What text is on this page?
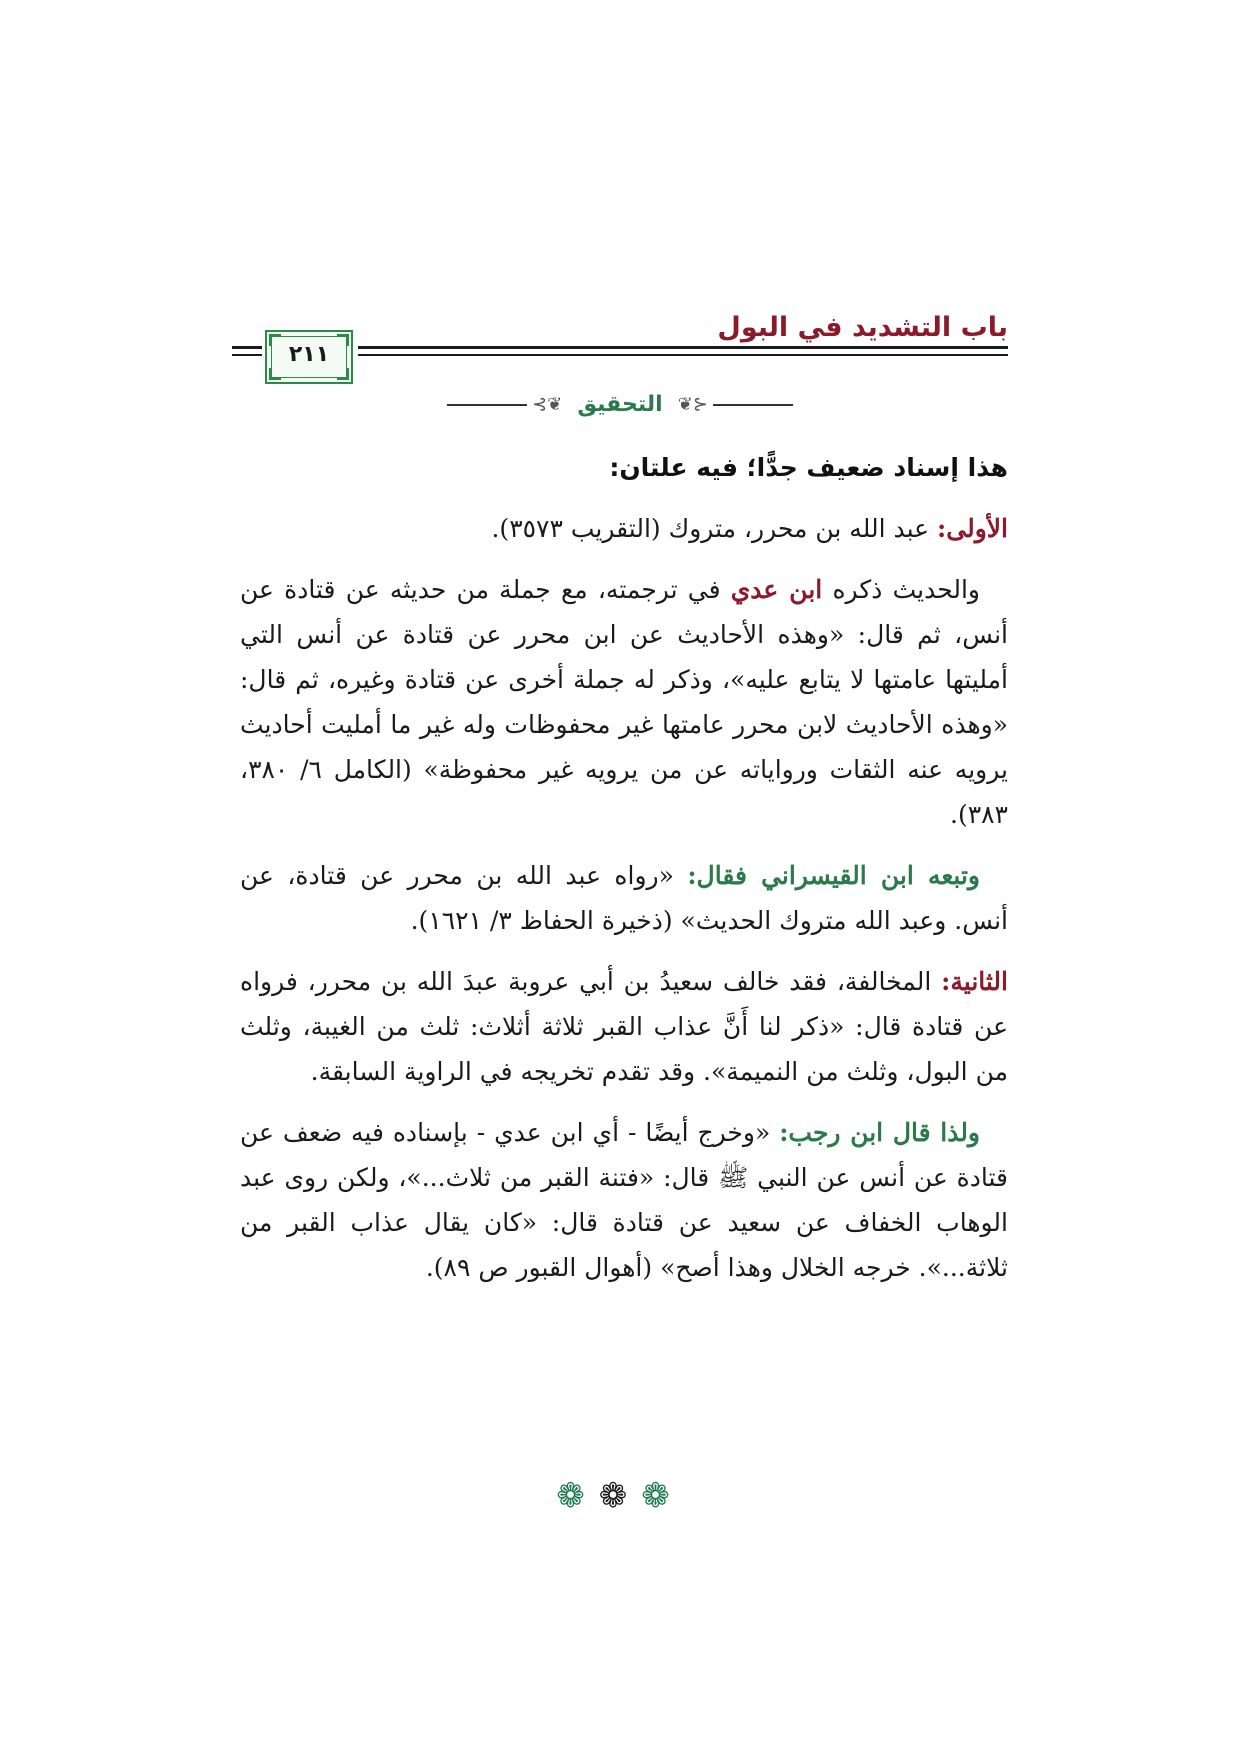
باب التشديد في البول
٢١١
⊰❦ التحقيق ❦⊱

هذا إسناد ضعيف جدًّا؛ فيه علتان:

الأولى: عبد الله بن محرر، متروك (التقريب ٣٥٧٣).

والحديث ذكره ابن عدي في ترجمته، مع جملة من حديثه عن قتادة عن أنس، ثم قال: «وهذه الأحاديث عن ابن محرر عن قتادة عن أنس التي أمليتها عامتها لا يتابع عليه»، وذكر له جملة أخرى عن قتادة وغيره، ثم قال: «وهذه الأحاديث لابن محرر عامتها غير محفوظات وله غير ما أمليت أحاديث يرويه عنه الثقات ورواياته عن من يرويه غير محفوظة» (الكامل ٦/ ٣٨٠، ٣٨٣).

وتبعه ابن القيسراني فقال: «رواه عبد الله بن محرر عن قتادة، عن أنس. وعبد الله متروك الحديث» (ذخيرة الحفاظ ٣/ ١٦٢١).

الثانية: المخالفة، فقد خالف سعيدُ بن أبي عروبة عبدَ الله بن محرر، فرواه عن قتادة قال: «ذكر لنا أَنَّ عذاب القبر ثلاثة أثلاث: ثلث من الغيبة، وثلث من البول، وثلث من النميمة». وقد تقدم تخريجه في الراوية السابقة.

ولذا قال ابن رجب: «وخرج أيضًا - أي ابن عدي - بإسناده فيه ضعف عن قتادة عن أنس عن النبي ﷺ قال: «فتنة القبر من ثلاث...»، ولكن روى عبد الوهاب الخفاف عن سعيد عن قتادة قال: «كان يقال عذاب القبر من ثلاثة...». خرجه الخلال وهذا أصح» (أهوال القبور ص ٨٩).

❁❁❁
